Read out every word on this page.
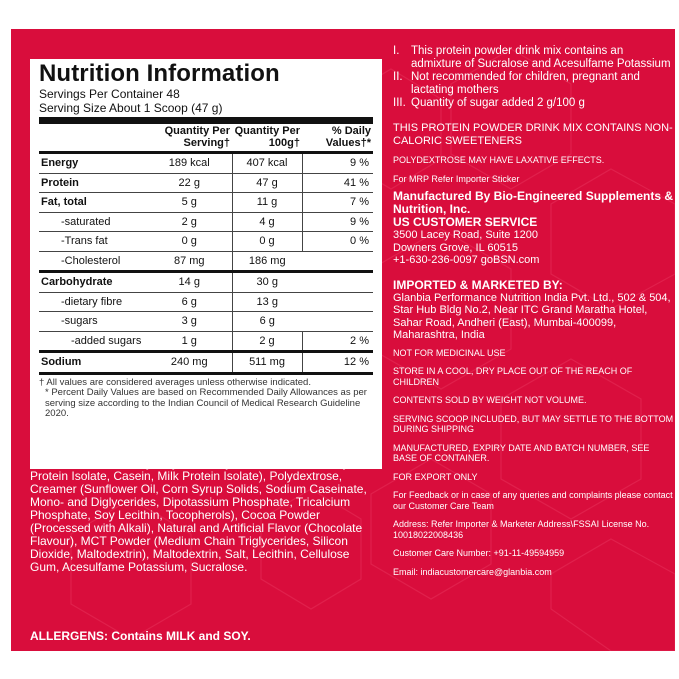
Nutrition Information
Servings Per Container 48
Serving Size About 1 Scoop (47 g)
	Quantity Per Serving†	Quantity Per 100g†	% Daily Values†*
Energy	189 kcal	407 kcal	9 %
Protein	22 g	47 g	41 %
Fat, total	5 g	11 g	7 %
-saturated	2 g	4 g	9 %
-Trans fat	0 g	0 g	0 %
-Cholesterol	87 mg	186 mg	
Carbohydrate	14 g	30 g	
-dietary fibre	6 g	13 g	
-sugars	3 g	6 g	
-added sugars	1 g	2 g	2 %
Sodium	240 mg	511 mg	12 %
† All values are considered averages unless otherwise indicated.
* Percent Daily Values are based on Recommended Daily Allowances as per serving size according to the Indian Council of Medical Research Guideline 2020.
INGREDIENTS: Protein Matrix (60%) (Whey Protein Concentrate, Calcium Caseinate, Hydrolyzed Whey Protein Isolate, Whey Protein Isolate, Casein, Milk Protein Isolate), Polydextrose, Creamer (Sunflower Oil, Corn Syrup Solids, Sodium Caseinate, Mono- and Diglycerides, Dipotassium Phosphate, Tricalcium Phosphate, Soy Lecithin, Tocopherols), Cocoa Powder (Processed with Alkali), Natural and Artificial Flavor (Chocolate Flavour), MCT Powder (Medium Chain Triglycerides, Silicon Dioxide, Maltodextrin), Maltodextrin, Salt, Lecithin, Cellulose Gum, Acesulfame Potassium, Sucralose.
ALLERGENS: Contains MILK and SOY.
I.	This protein powder drink mix contains an admixture of Sucralose and Acesulfame Potassium
II. Not recommended for children, pregnant and lactating mothers
III. Quantity of sugar added 2 g/100 g
THIS PROTEIN POWDER DRINK MIX CONTAINS NON-CALORIC SWEETENERS
POLYDEXTROSE MAY HAVE LAXATIVE EFFECTS.
For MRP Refer Importer Sticker
Manufactured By Bio-Engineered Supplements & Nutrition, Inc.
US CUSTOMER SERVICE
3500 Lacey Road, Suite 1200
Downers Grove, IL 60515
+1-630-236-0097 goBSN.com
IMPORTED & MARKETED BY:
Glanbia Performance Nutrition India Pvt. Ltd., 502 & 504, Star Hub Bldg No.2, Near ITC Grand Maratha Hotel, Sahar Road, Andheri (East), Mumbai-400099, Maharashtra, India
NOT FOR MEDICINAL USE
STORE IN A COOL, DRY PLACE OUT OF THE REACH OF CHILDREN
CONTENTS SOLD BY WEIGHT NOT VOLUME.
SERVING SCOOP INCLUDED, BUT MAY SETTLE TO THE BOTTOM DURING SHIPPING
MANUFACTURED, EXPIRY DATE AND BATCH NUMBER, SEE BASE OF CONTAINER.
FOR EXPORT ONLY
For Feedback or in case of any queries and complaints please contact our Customer Care Team
Address: Refer Importer & Marketer Address\FSSAI License No. 10018022008436
Customer Care Number: +91-11-49594959
Email: indiacustomercare@glanbia.com
